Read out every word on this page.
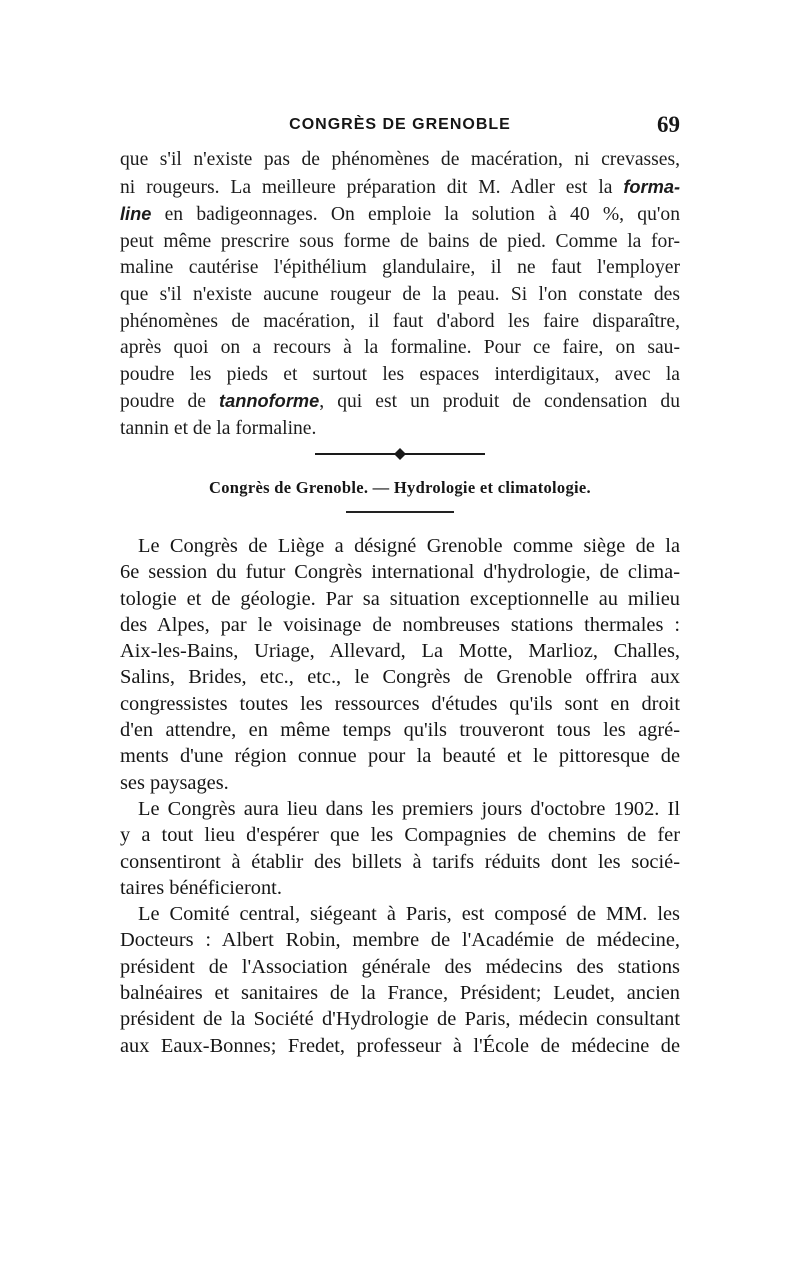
CONGRÈS DE GRENOBLE	69
que s'il n'existe pas de phénomènes de macération, ni crevasses,
ni rougeurs. La meilleure préparation dit M. Adler est la forma-
line en badigeonnages. On emploie la solution à 40 %, qu'on
peut même prescrire sous forme de bains de pied. Comme la for-
maline cautérise l'épithélium glandulaire, il ne faut l'employer
que s'il n'existe aucune rougeur de la peau. Si l'on constate des
phénomènes de macération, il faut d'abord les faire disparaître,
après quoi on a recours à la formaline. Pour ce faire, on sau-
poudre les pieds et surtout les espaces interdigitaux, avec la
poudre de tannoforme, qui est un produit de condensation du
tannin et de la formaline.
Congrès de Grenoble. — Hydrologie et climatologie.
Le Congrès de Liège a désigné Grenoble comme siège de la
6e session du futur Congrès international d'hydrologie, de clima-
tologie et de géologie. Par sa situation exceptionnelle au milieu
des Alpes, par le voisinage de nombreuses stations thermales :
Aix-les-Bains, Uriage, Allevard, La Motte, Marlioz, Challes,
Salins, Brides, etc., etc., le Congrès de Grenoble offrira aux
congressistes toutes les ressources d'études qu'ils sont en droit
d'en attendre, en même temps qu'ils trouveront tous les agré-
ments d'une région connue pour la beauté et le pittoresque de
ses paysages.
Le Congrès aura lieu dans les premiers jours d'octobre 1902. Il
y a tout lieu d'espérer que les Compagnies de chemins de fer
consentiront à établir des billets à tarifs réduits dont les socié-
taires bénéficieront.
Le Comité central, siégeant à Paris, est composé de MM. les
Docteurs : Albert Robin, membre de l'Académie de médecine,
président de l'Association générale des médecins des stations
balnéaires et sanitaires de la France, Président; Leudet, ancien
président de la Société d'Hydrologie de Paris, médecin consultant
aux Eaux-Bonnes; Fredet, professeur à l'École de médecine de
